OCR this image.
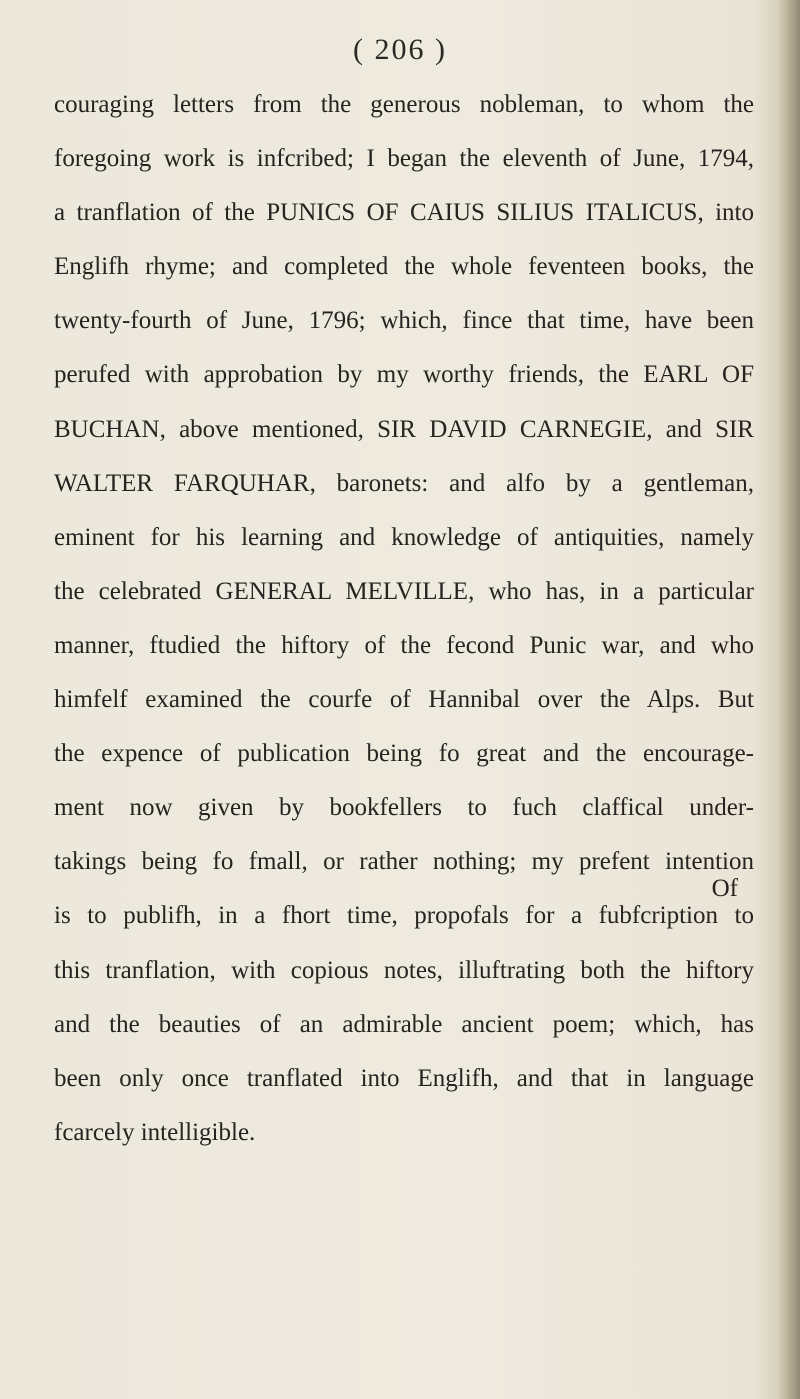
( 206 )
couraging letters from the generous nobleman, to whom the
foregoing work is infcribed; I began the eleventh of June, 1794,
a tranflation of the PUNICS OF CAIUS SILIUS ITALICUS, into
Englifh rhyme; and completed the whole feventeen books, the
twenty-fourth of June, 1796; which, fince that time, have been
perufed with approbation by my worthy friends, the EARL OF
BUCHAN, above mentioned, SIR DAVID CARNEGIE, and SIR
WALTER FARQUHAR, baronets: and alfo by a gentleman,
eminent for his learning and knowledge of antiquities, namely
the celebrated GENERAL MELVILLE, who has, in a particular
manner, ftudied the hiftory of the fecond Punic war, and who
himfelf examined the courfe of Hannibal over the Alps. But
the expence of publication being fo great and the encourage-
ment now given by bookfellers to fuch claffical under-
takings being fo fmall, or rather nothing; my prefent intention
is to publifh, in a fhort time, propofals for a fubfcription to
this tranflation, with copious notes, illuftrating both the hiftory
and the beauties of an admirable ancient poem; which, has
been only once tranflated into Englifh, and that in language
fcarcely intelligible.
Of
